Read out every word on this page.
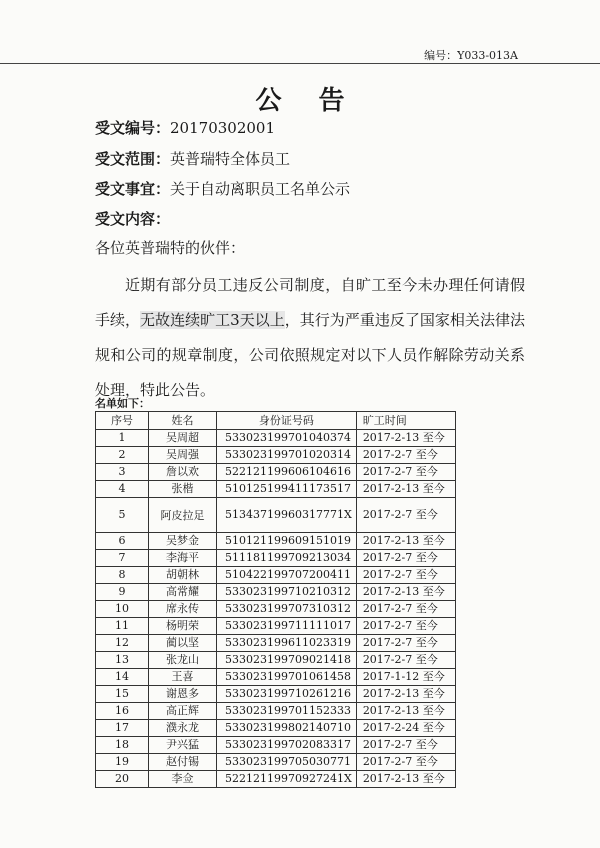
编号：Y033-013A
公 告
受文编号：20170302001
受文范围：英普瑞特全体员工
受文事宜：关于自动离职员工名单公示
受文内容：
各位英普瑞特的伙伴：
近期有部分员工违反公司制度，自旷工至今未办理任何请假手续，无故连续旷工3天以上，其行为严重违反了国家相关法律法规和公司的规章制度，公司依照规定对以下人员作解除劳动关系处理，特此公告。
名单如下：
序号	姓名	身份证号码	旷工时间
1	吴周超	533023199701040374	2017-2-13 至今
2	吴周强	533023199701020314	2017-2-7 至今
3	詹以欢	522121199606104616	2017-2-7 至今
4	张楷	510125199411173517	2017-2-13 至今
5	阿皮拉足	51343719960317771X	2017-2-7 至今
6	吴梦金	510121199609151019	2017-2-13 至今
7	李海平	511181199709213034	2017-2-7 至今
8	胡朝林	510422199707200411	2017-2-7 至今
9	高常耀	533023199710210312	2017-2-13 至今
10	席永传	533023199707310312	2017-2-7 至今
11	杨明荣	533023199711111017	2017-2-7 至今
12	蔺以坚	533023199611023319	2017-2-7 至今
13	张龙山	533023199709021418	2017-2-7 至今
14	王喜	533023199701061458	2017-1-12 至今
15	谢恩多	533023199710261216	2017-2-13 至今
16	高正辉	533023199701152333	2017-2-13 至今
17	濮永龙	533023199802140710	2017-2-24 至今
18	尹兴猛	533023199702083317	2017-2-7 至今
19	赵付锡	533023199705030771	2017-2-7 至今
20	李佥	52212119970927241X	2017-2-13 至今
